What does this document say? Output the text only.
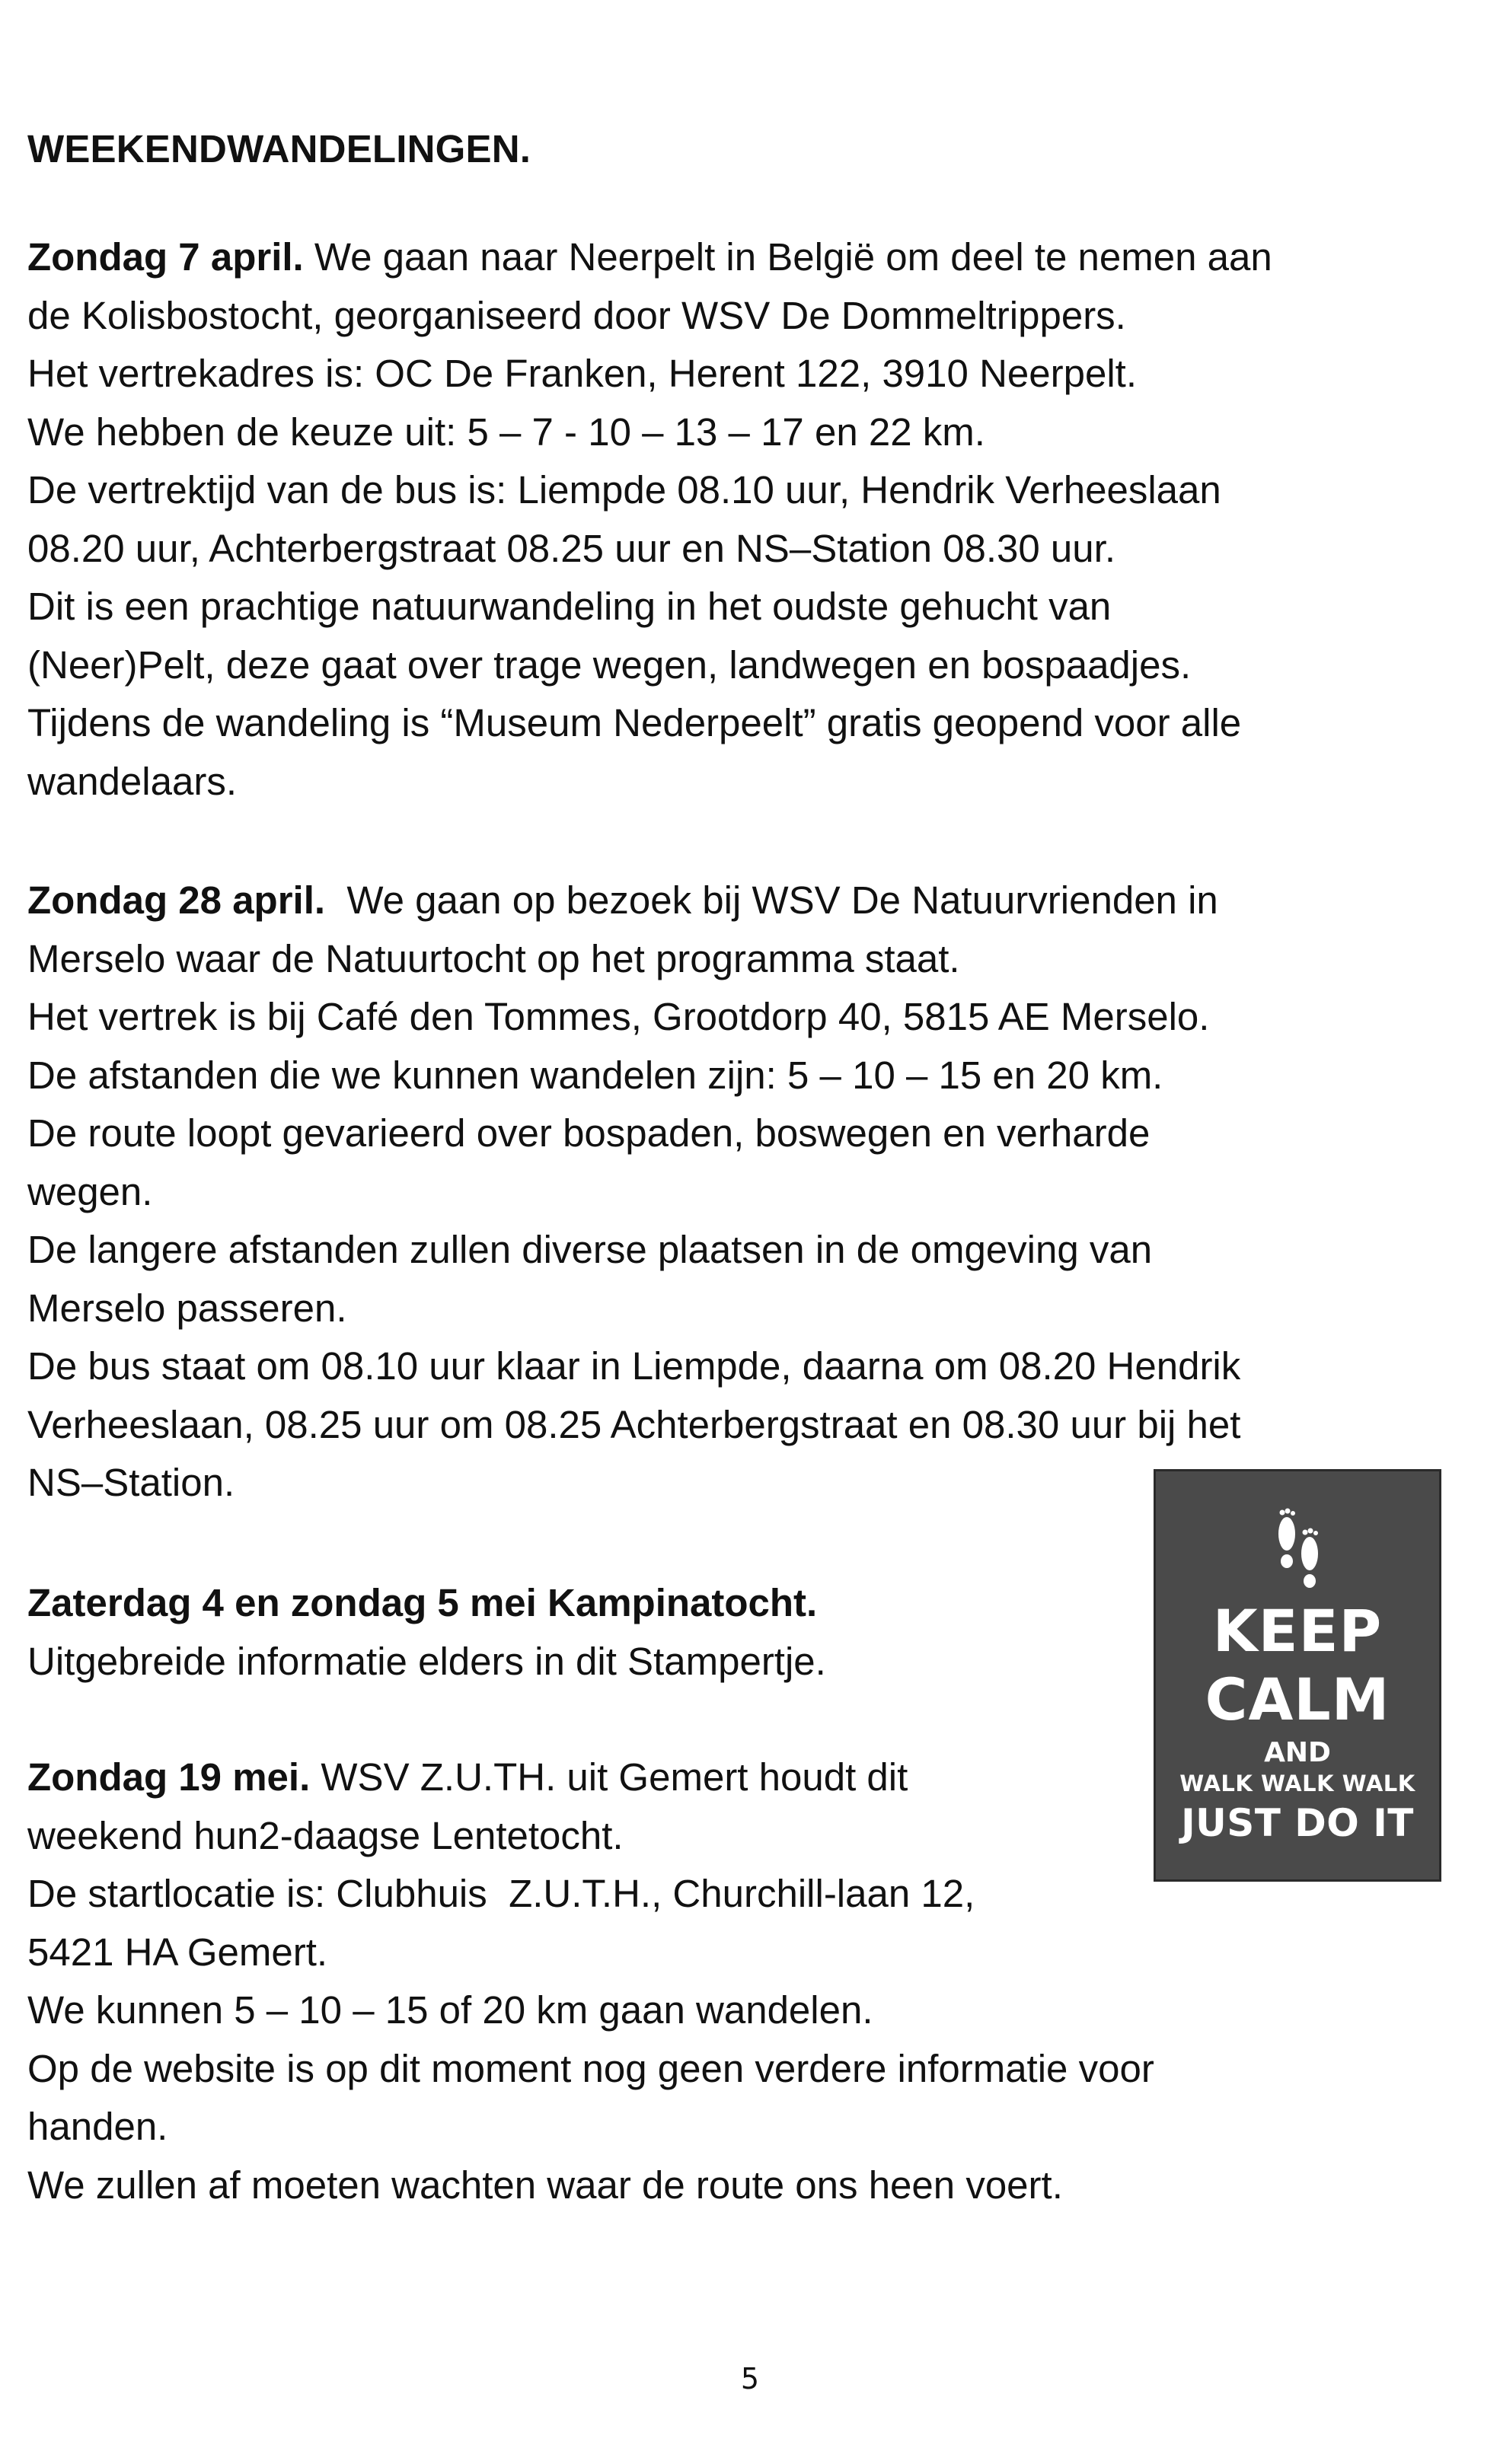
WEEKENDWANDELINGEN.

Zondag 7 april. We gaan naar Neerpelt in België om deel te nemen aan

de Kolisbostocht, georganiseerd door WSV De Dommeltrippers.

Het vertrekadres is: OC De Franken, Herent 122, 3910 Neerpelt.

We hebben de keuze uit: 5 – 7 - 10 – 13 – 17 en 22 km.

De vertrektijd van de bus is: Liempde 08.10 uur, Hendrik Verheeslaan

08.20 uur, Achterbergstraat 08.25 uur en NS–Station 08.30 uur.

Dit is een prachtige natuurwandeling in het oudste gehucht van

(Neer)Pelt, deze gaat over trage wegen, landwegen en bospaadjes.

Tijdens de wandeling is “Museum Nederpeelt” gratis geopend voor alle

wandelaars.

Zondag 28 april.  We gaan op bezoek bij WSV De Natuurvrienden in

Merselo waar de Natuurtocht op het programma staat.

Het vertrek is bij Café den Tommes, Grootdorp 40, 5815 AE Merselo.

De afstanden die we kunnen wandelen zijn: 5 – 10 – 15 en 20 km.

De route loopt gevarieerd over bospaden, boswegen en verharde

wegen.

De langere afstanden zullen diverse plaatsen in de omgeving van

Merselo passeren.

De bus staat om 08.10 uur klaar in Liempde, daarna om 08.20 Hendrik

Verheeslaan, 08.25 uur om 08.25 Achterbergstraat en 08.30 uur bij het

NS–Station.

Zaterdag 4 en zondag 5 mei Kampinatocht.

Uitgebreide informatie elders in dit Stampertje.

Zondag 19 mei. WSV Z.U.TH. uit Gemert houdt dit

weekend hun2-daagse Lentetocht.

De startlocatie is: Clubhuis  Z.U.T.H., Churchill-laan 12,

5421 HA Gemert.

We kunnen 5 – 10 – 15 of 20 km gaan wandelen.

Op de website is op dit moment nog geen verdere informatie voor

handen.

We zullen af moeten wachten waar de route ons heen voert.

KEEP
CALM
AND
WALK WALK WALK
JUST DO IT
5
